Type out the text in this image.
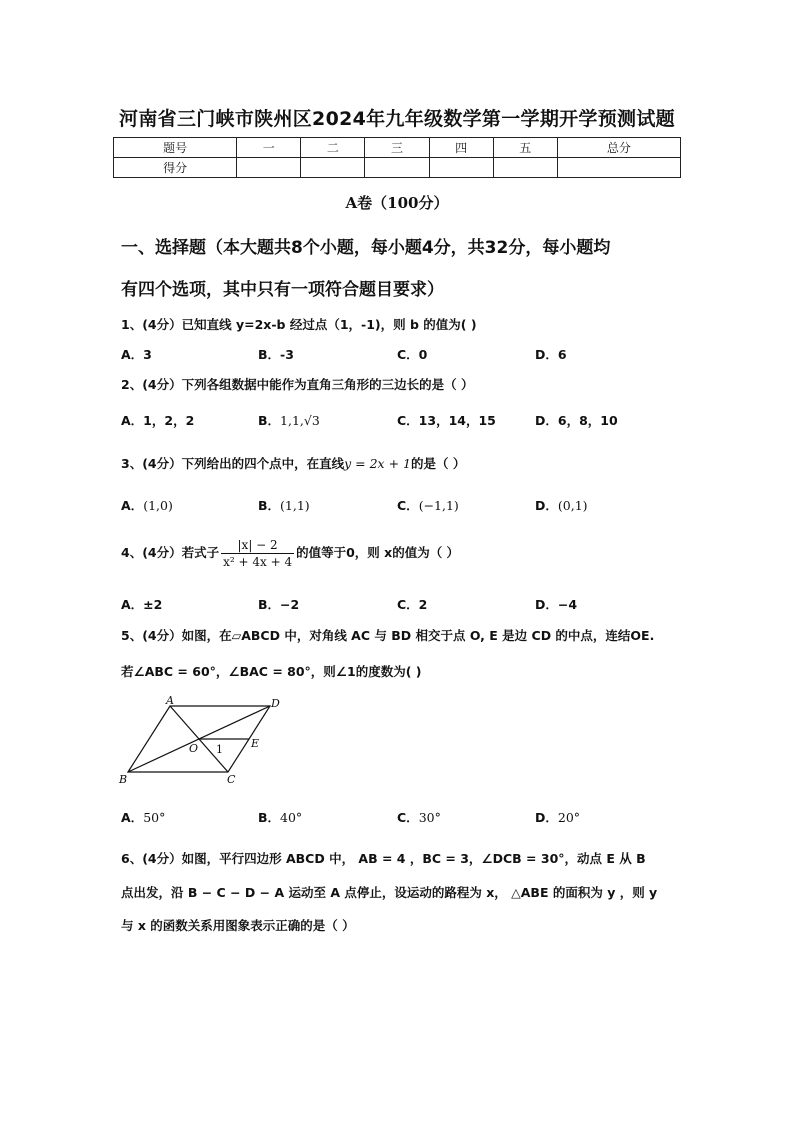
河南省三门峡市陕州区2024年九年级数学第一学期开学预测试题
题号	一	二	三	四	五	总分
得分						
A卷（100分）
一、选择题（本大题共8个小题，每小题4分，共32分，每小题均
有四个选项，其中只有一项符合题目要求）
1、(4分）已知直线 y=2x-b 经过点（1，-1)，则 b 的值为( )
A．3	B．-3	C．0	D．6
2、(4分）下列各组数据中能作为直角三角形的三边长的是（ ）
A．1，2，2	B．1,1,√3	C．13，14，15	D．6，8，10
3、(4分）下列给出的四个点中，在直线y = 2x + 1的是（ ）
A．(1,0)	B．(1,1)	C．(−1,1)	D．(0,1)
4、(4分）若式子 $\frac{|x| - 2}{\text{x² + 4x + 4}}$ 的值等于0，则 x的值为（ ）
A．±2	B．−2	C．2	D．−4
5、(4分）如图，在▱ABCD 中，对角线 AC 与 BD 相交于点 O, E 是边 CD 的中点，连结OE.
若∠ABC = 60°，∠BAC = 80°，则∠1的度数为( )
A	D
B	C
O	E
1
A．50°	B．40°	C．30°	D．20°
6、(4分）如图，平行四边形 ABCD 中， AB = 4 ，BC = 3，∠DCB = 30°，动点 E 从 B
点出发，沿 B − C − D − A 运动至 A 点停止，设运动的路程为 x， △ABE 的面积为 y ，则 y
与 x 的函数关系用图象表示正确的是（ ）
